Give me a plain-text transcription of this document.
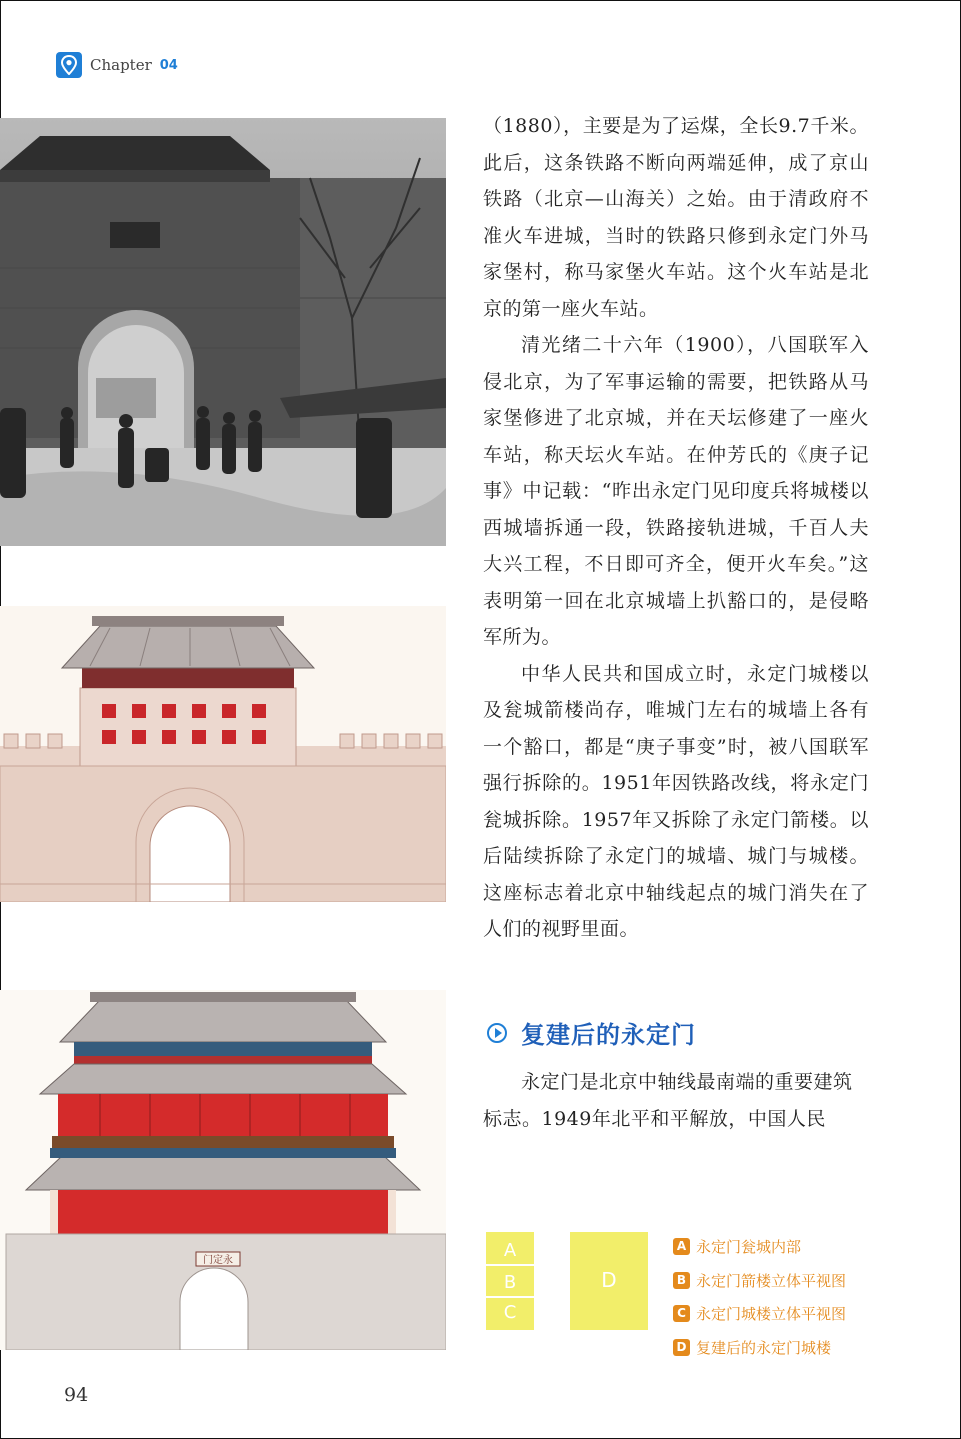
Chapter 04
门定永

（1880），主要是为了运煤，全长9.7千米。此后，这条铁路不断向两端延伸，成了京山铁路（北京—山海关）之始。由于清政府不准火车进城，当时的铁路只修到永定门外马家堡村，称马家堡火车站。这个火车站是北京的第一座火车站。

清光绪二十六年（1900），八国联军入侵北京，为了军事运输的需要，把铁路从马家堡修进了北京城，并在天坛修建了一座火车站，称天坛火车站。在仲芳氏的《庚子记事》中记载：“昨出永定门见印度兵将城楼以西城墙拆通一段，铁路接轨进城，千百人夫大兴工程，不日即可齐全，便开火车矣。”这表明第一回在北京城墙上扒豁口的，是侵略军所为。

中华人民共和国成立时，永定门城楼以及瓮城箭楼尚存，唯城门左右的城墙上各有一个豁口，都是“庚子事变”时，被八国联军强行拆除的。1951年因铁路改线，将永定门瓮城拆除。1957年又拆除了永定门箭楼。以后陆续拆除了永定门的城墙、城门与城楼。这座标志着北京中轴线起点的城门消失在了人们的视野里面。

复建后的永定门

永定门是北京中轴线最南端的重要建筑标志。1949年北平和平解放，中国人民

A
B
C
D
A 永定门瓮城内部
B 永定门箭楼立体平视图
C 永定门城楼立体平视图
D 复建后的永定门城楼
94
